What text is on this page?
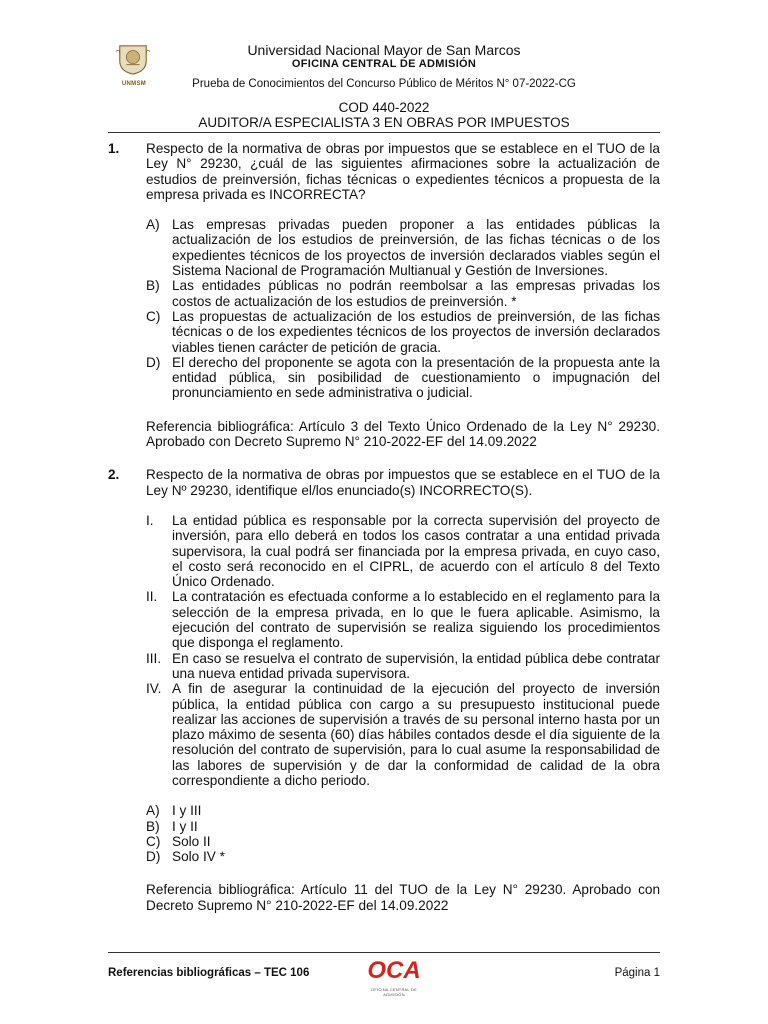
UNMSM
Universidad Nacional Mayor de San Marcos
OFICINA CENTRAL DE ADMISIÓN
Prueba de Conocimientos del Concurso Público de Méritos N° 07-2022-CG
COD 440-2022
AUDITOR/A ESPECIALISTA 3 EN OBRAS POR IMPUESTOS
1.	Respecto de la normativa de obras por impuestos que se establece en el TUO de la Ley N° 29230, ¿cuál de las siguientes afirmaciones sobre la actualización de estudios de preinversión, fichas técnicas o expedientes técnicos a propuesta de la empresa privada es INCORRECTA?
A) Las empresas privadas pueden proponer a las entidades públicas la actualización de los estudios de preinversión, de las fichas técnicas o de los expedientes técnicos de los proyectos de inversión declarados viables según el Sistema Nacional de Programación Multianual y Gestión de Inversiones.
B) Las entidades públicas no podrán reembolsar a las empresas privadas los costos de actualización de los estudios de preinversión. *
C) Las propuestas de actualización de los estudios de preinversión, de las fichas técnicas o de los expedientes técnicos de los proyectos de inversión declarados viables tienen carácter de petición de gracia.
D) El derecho del proponente se agota con la presentación de la propuesta ante la entidad pública, sin posibilidad de cuestionamiento o impugnación del pronunciamiento en sede administrativa o judicial.
Referencia bibliográfica: Artículo 3 del Texto Único Ordenado de la Ley N° 29230. Aprobado con Decreto Supremo N° 210-2022-EF del 14.09.2022
2.	Respecto de la normativa de obras por impuestos que se establece en el TUO de la Ley Nº 29230, identifique el/los enunciado(s) INCORRECTO(S).
I.	La entidad pública es responsable por la correcta supervisión del proyecto de inversión, para ello deberá en todos los casos contratar a una entidad privada supervisora, la cual podrá ser financiada por la empresa privada, en cuyo caso, el costo será reconocido en el CIPRL, de acuerdo con el artículo 8 del Texto Único Ordenado.
II.	La contratación es efectuada conforme a lo establecido en el reglamento para la selección de la empresa privada, en lo que le fuera aplicable. Asimismo, la ejecución del contrato de supervisión se realiza siguiendo los procedimientos que disponga el reglamento.
III. En caso se resuelva el contrato de supervisión, la entidad pública debe contratar una nueva entidad privada supervisora.
IV. A fin de asegurar la continuidad de la ejecución del proyecto de inversión pública, la entidad pública con cargo a su presupuesto institucional puede realizar las acciones de supervisión a través de su personal interno hasta por un plazo máximo de sesenta (60) días hábiles contados desde el día siguiente de la resolución del contrato de supervisión, para lo cual asume la responsabilidad de las labores de supervisión y de dar la conformidad de calidad de la obra correspondiente a dicho periodo.
A) I y III
B) I y II
C) Solo II
D) Solo IV *
Referencia bibliográfica: Artículo 11 del TUO de la Ley N° 29230. Aprobado con Decreto Supremo N° 210-2022-EF del 14.09.2022
Referencias bibliográficas – TEC 106 OCA
OFICINA CENTRAL DE ADMISIÓN
Página 1
